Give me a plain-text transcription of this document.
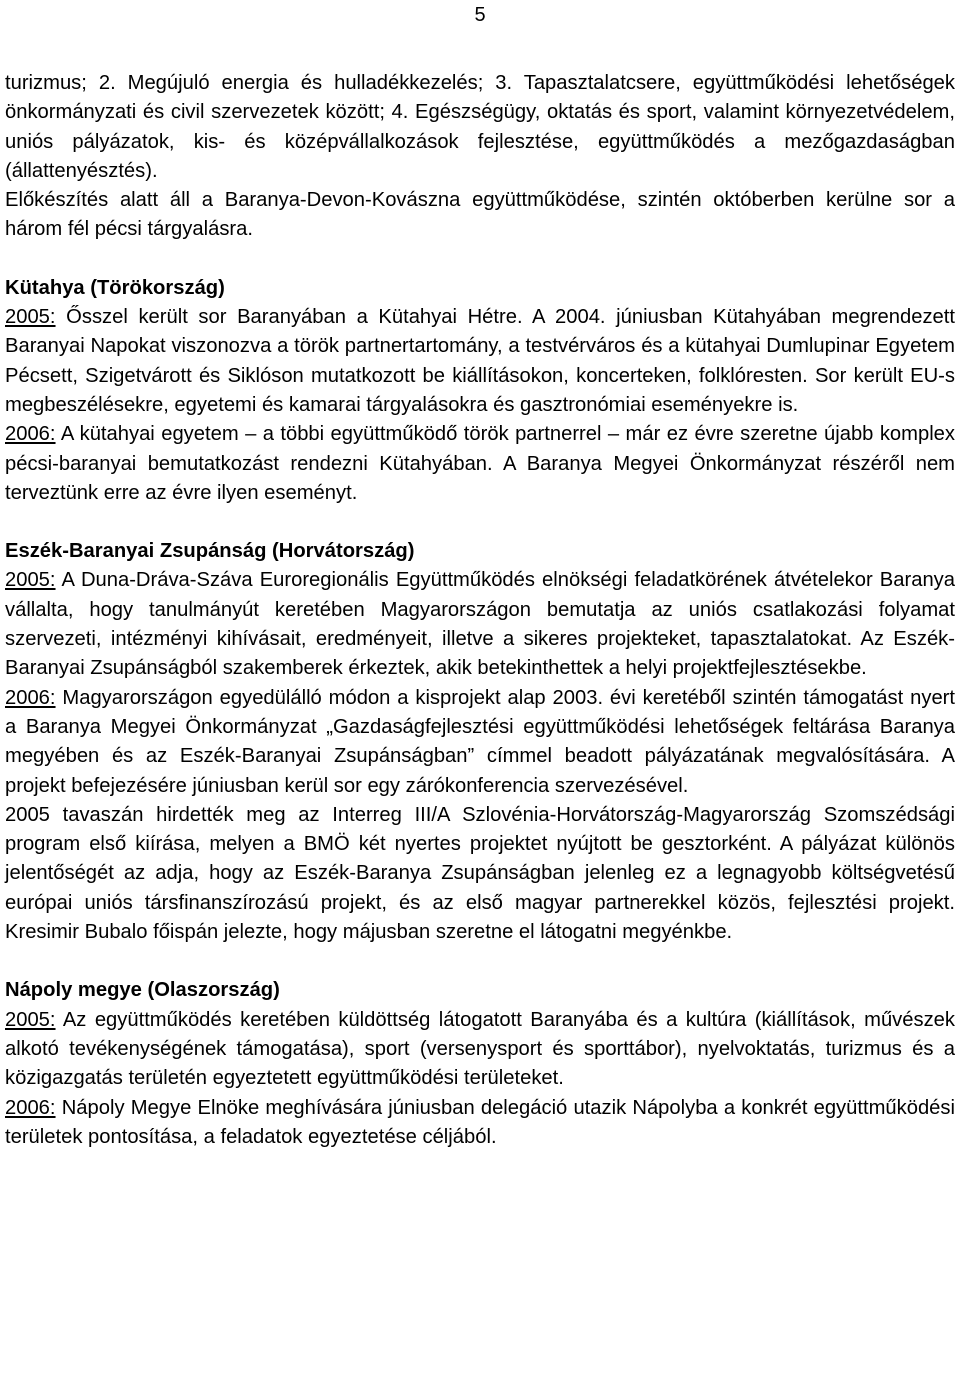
5

turizmus; 2. Megújuló energia és hulladékkezelés; 3. Tapasztalatcsere, együttműködési lehetőségek önkormányzati és civil szervezetek között; 4. Egészségügy, oktatás és sport, valamint környezetvédelem, uniós pályázatok, kis- és középvállalkozások fejlesztése, együttműködés a mezőgazdaságban (állattenyésztés).

Előkészítés alatt áll a Baranya-Devon-Kovászna együttműködése, szintén októberben kerülne sor a három fél pécsi tárgyalásra.

Kütahya (Törökország)

2005: Ősszel került sor Baranyában a Kütahyai Hétre. A 2004. júniusban Kütahyában megrendezett Baranyai Napokat viszonozva a török partnertartomány, a testvérváros és a kütahyai Dumlupinar Egyetem Pécsett, Szigetvárott és Siklóson mutatkozott be kiállításokon, koncerteken, folklóresten. Sor került EU-s megbeszélésekre, egyetemi és kamarai tárgyalásokra és gasztronómiai eseményekre is.

2006: A kütahyai egyetem – a többi együttműködő török partnerrel – már ez évre szeretne újabb komplex pécsi-baranyai bemutatkozást rendezni Kütahyában. A Baranya Megyei Önkormányzat részéről nem terveztünk erre az évre ilyen eseményt.

Eszék-Baranyai Zsupánság (Horvátország)

2005: A Duna-Dráva-Száva Euroregionális Együttműködés elnökségi feladatkörének átvételekor Baranya vállalta, hogy tanulmányút keretében Magyarországon bemutatja az uniós csatlakozási folyamat szervezeti, intézményi kihívásait, eredményeit, illetve a sikeres projekteket, tapasztalatokat. Az Eszék-Baranyai Zsupánságból szakemberek érkeztek, akik betekinthettek a helyi projektfejlesztésekbe.

2006: Magyarországon egyedülálló módon a kisprojekt alap 2003. évi keretéből szintén támogatást nyert a Baranya Megyei Önkormányzat „Gazdaságfejlesztési együttműködési lehetőségek feltárása Baranya megyében és az Eszék-Baranyai Zsupánságban” címmel beadott pályázatának megvalósítására. A projekt befejezésére júniusban kerül sor egy zárókonferencia szervezésével.

2005 tavaszán hirdették meg az Interreg III/A Szlovénia-Horvátország-Magyarország Szomszédsági program első kiírása, melyen a BMÖ két nyertes projektet nyújtott be gesztorként. A pályázat különös jelentőségét az adja, hogy az Eszék-Baranya Zsupánságban jelenleg ez a legnagyobb költségvetésű európai uniós társfinanszírozású projekt, és az első magyar partnerekkel közös, fejlesztési projekt. Kresimir Bubalo főispán jelezte, hogy májusban szeretne el látogatni megyénkbe.

Nápoly megye (Olaszország)

2005: Az együttműködés keretében küldöttség látogatott Baranyába és a kultúra (kiállítások, művészek alkotó tevékenységének támogatása), sport (versenysport és sporttábor), nyelvoktatás, turizmus és a közigazgatás területén egyeztetett együttműködési területeket.

2006: Nápoly Megye Elnöke meghívására júniusban delegáció utazik Nápolyba a konkrét együttműködési területek pontosítása, a feladatok egyeztetése céljából.
